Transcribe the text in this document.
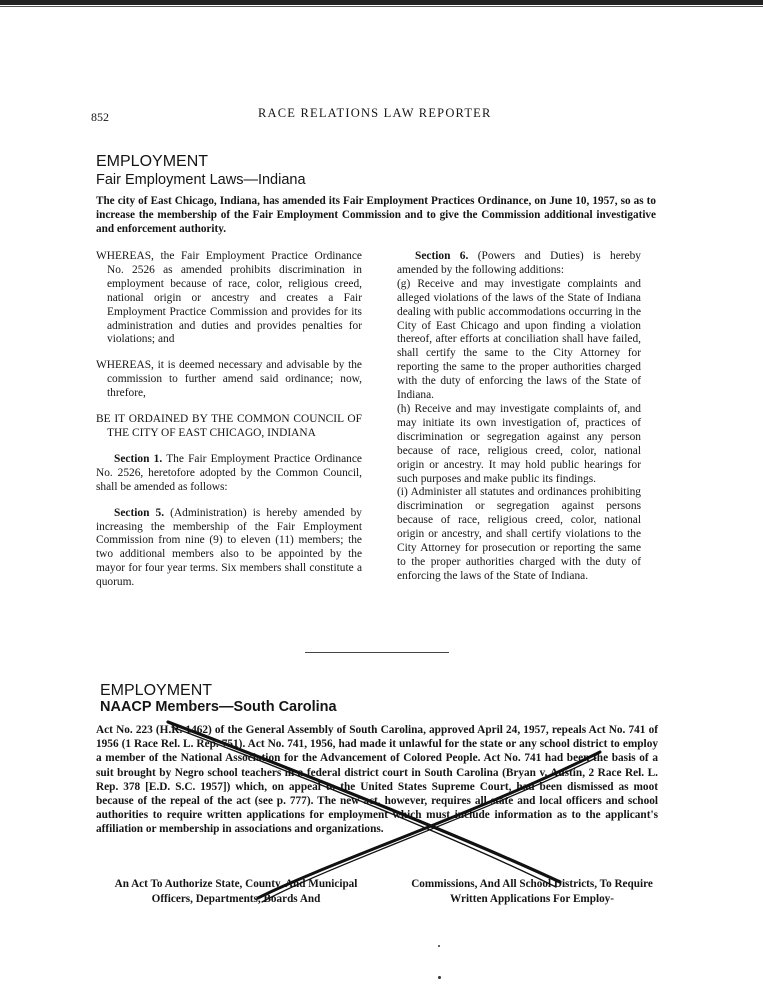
852	RACE RELATIONS LAW REPORTER
EMPLOYMENT
Fair Employment Laws—Indiana
The city of East Chicago, Indiana, has amended its Fair Employment Practices Ordinance, on June 10, 1957, so as to increase the membership of the Fair Employment Commission and to give the Commission additional investigative and enforcement authority.

WHEREAS, the Fair Employment Practice Ordinance No. 2526 as amended prohibits discrimination in employment because of race, color, religious creed, national origin or ancestry and creates a Fair Employment Practice Commission and provides for its administration and duties and provides penalties for violations; and

WHEREAS, it is deemed necessary and advisable by the commission to further amend said ordinance; now, threfore,

BE IT ORDAINED BY THE COMMON COUNCIL OF THE CITY OF EAST CHICAGO, INDIANA

Section 1. The Fair Employment Practice Ordinance No. 2526, heretofore adopted by the Common Council, shall be amended as follows:

Section 5. (Administration) is hereby amended by increasing the membership of the Fair Employment Commission from nine (9) to eleven (11) members; the two additional members also to be appointed by the mayor for four year terms. Six members shall constitute a quorum.

Section 6. (Powers and Duties) is hereby amended by the following additions:

(g) Receive and may investigate complaints and alleged violations of the laws of the State of Indiana dealing with public accommodations occurring in the City of East Chicago and upon finding a violation thereof, after efforts at conciliation shall have failed, shall certify the same to the City Attorney for reporting the same to the proper authorities charged with the duty of enforcing the laws of the State of Indiana.

(h) Receive and may investigate complaints of, and may initiate its own investigation of, practices of discrimination or segregation against any person because of race, religious creed, color, national origin or ancestry. It may hold public hearings for such purposes and make public its findings.

(i) Administer all statutes and ordinances prohibiting discrimination or segregation against persons because of race, religious creed, color, national origin or ancestry, and shall certify violations to the City Attorney for prosecution or reporting the same to the proper authorities charged with the duty of enforcing the laws of the State of Indiana.

EMPLOYMENT
NAACP Members—South Carolina
Act No. 223 (H.R. 1462) of the General Assembly of South Carolina, approved April 24, 1957, repeals Act No. 741 of 1956 (1 Race Rel. L. Rep. 751). Act No. 741, 1956, had made it unlawful for the state or any school district to employ a member of the National Association for the Advancement of Colored People. Act No. 741 had been the basis of a suit brought by Negro school teachers in a federal district court in South Carolina (Bryan v. Austin, 2 Race Rel. L. Rep. 378 [E.D. S.C. 1957]) which, on appeal to the United States Supreme Court, had been dismissed as moot because of the repeal of the act (see p. 777). The new act, however, requires all state and local officers and school authorities to require written applications for employment which must include information as to the applicant's affiliation or membership in associations and organizations.
An Act To Authorize State, County, And Municipal Officers, Departments, Boards And
Commissions, And All School Districts, To Require Written Applications For Employ-
